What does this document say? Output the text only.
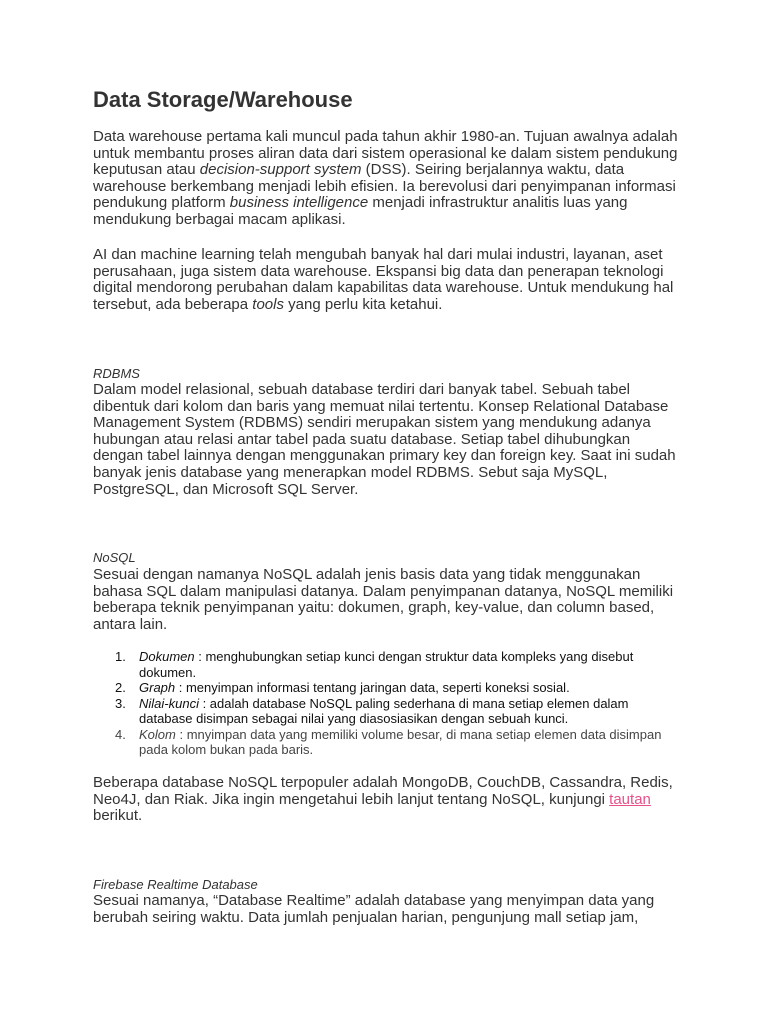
Data Storage/Warehouse

Data warehouse pertama kali muncul pada tahun akhir 1980-an. Tujuan awalnya adalah untuk membantu proses aliran data dari sistem operasional ke dalam sistem pendukung keputusan atau decision-support system (DSS). Seiring berjalannya waktu, data warehouse berkembang menjadi lebih efisien. Ia berevolusi dari penyimpanan informasi pendukung platform business intelligence menjadi infrastruktur analitis luas yang mendukung berbagai macam aplikasi.

AI dan machine learning telah mengubah banyak hal dari mulai industri, layanan, aset perusahaan, juga sistem data warehouse. Ekspansi big data dan penerapan teknologi digital mendorong perubahan dalam kapabilitas data warehouse. Untuk mendukung hal tersebut, ada beberapa tools yang perlu kita ketahui.

RDBMS

Dalam model relasional, sebuah database terdiri dari banyak tabel. Sebuah tabel dibentuk dari kolom dan baris yang memuat nilai tertentu. Konsep Relational Database Management System (RDBMS) sendiri merupakan sistem yang mendukung adanya hubungan atau relasi antar tabel pada suatu database. Setiap tabel dihubungkan dengan tabel lainnya dengan menggunakan primary key dan foreign key. Saat ini sudah banyak jenis database yang menerapkan model RDBMS. Sebut saja MySQL, PostgreSQL, dan Microsoft SQL Server.

NoSQL

Sesuai dengan namanya NoSQL adalah jenis basis data yang tidak menggunakan bahasa SQL dalam manipulasi datanya. Dalam penyimpanan datanya, NoSQL memiliki beberapa teknik penyimpanan yaitu: dokumen, graph, key-value, dan column based, antara lain.

1. Dokumen : menghubungkan setiap kunci dengan struktur data kompleks yang disebut dokumen.
2. Graph : menyimpan informasi tentang jaringan data, seperti koneksi sosial.
3. Nilai-kunci : adalah database NoSQL paling sederhana di mana setiap elemen dalam database disimpan sebagai nilai yang diasosiasikan dengan sebuah kunci.
4. Kolom : mnyimpan data yang memiliki volume besar, di mana setiap elemen data disimpan pada kolom bukan pada baris.

Beberapa database NoSQL terpopuler adalah MongoDB, CouchDB, Cassandra, Redis, Neo4J, dan Riak. Jika ingin mengetahui lebih lanjut tentang NoSQL, kunjungi tautan berikut.

Firebase Realtime Database

Sesuai namanya, “Database Realtime” adalah database yang menyimpan data yang berubah seiring waktu. Data jumlah penjualan harian, pengunjung mall setiap jam,
